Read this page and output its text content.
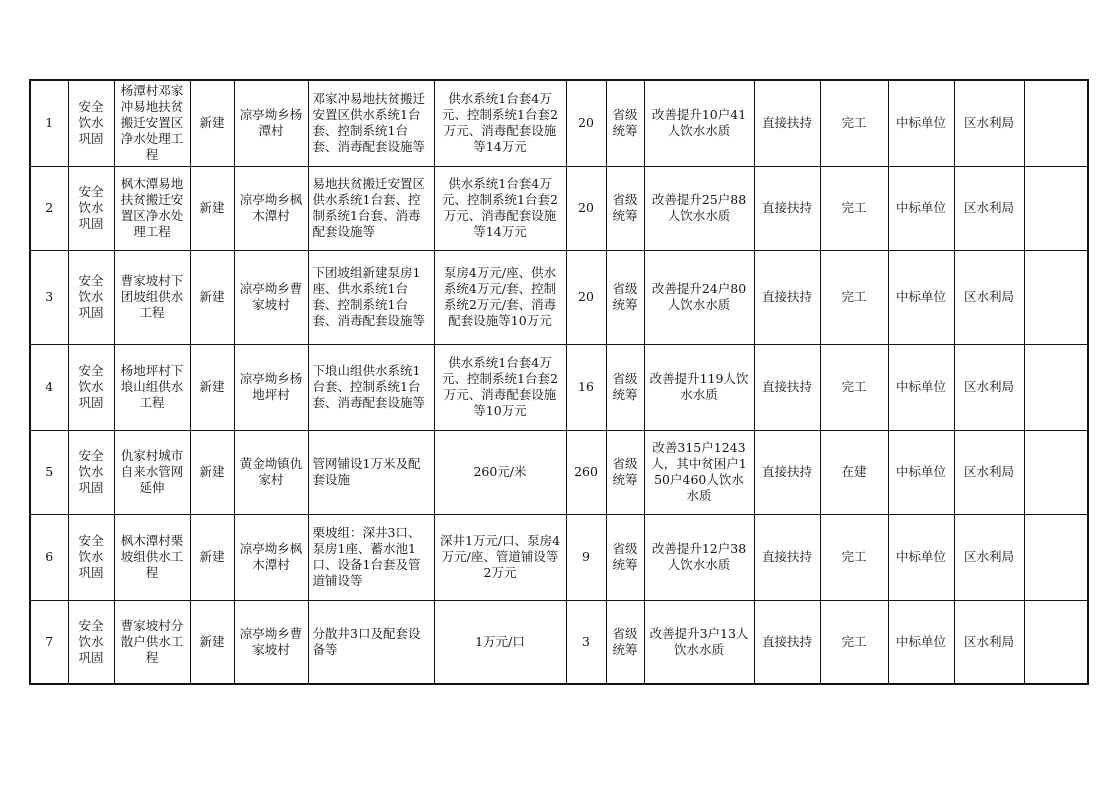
1	安全饮水巩固	杨潭村邓家冲易地扶贫搬迁安置区净水处理工程	新建	凉亭坳乡杨潭村	邓家冲易地扶贫搬迁安置区供水系统1台套、控制系统1台套、消毒配套设施等	供水系统1台套4万元、控制系统1台套2万元、消毒配套设施等14万元	20	省级统筹	改善提升10户41人饮水水质	直接扶持	完工	中标单位	区水利局	
2	安全饮水巩固	枫木潭易地扶贫搬迁安置区净水处理工程	新建	凉亭坳乡枫木潭村	易地扶贫搬迁安置区供水系统1台套、控制系统1台套、消毒配套设施等	供水系统1台套4万元、控制系统1台套2万元、消毒配套设施等14万元	20	省级统筹	改善提升25户88人饮水水质	直接扶持	完工	中标单位	区水利局	
3	安全饮水巩固	曹家坡村下团坡组供水工程	新建	凉亭坳乡曹家坡村	下团坡组新建泵房1座、供水系统1台套、控制系统1台套、消毒配套设施等	泵房4万元/座、供水系统4万元/套、控制系统2万元/套、消毒配套设施等10万元	20	省级统筹	改善提升24户80人饮水水质	直接扶持	完工	中标单位	区水利局	
4	安全饮水巩固	杨地坪村下埌山组供水工程	新建	凉亭坳乡杨地坪村	下埌山组供水系统1台套、控制系统1台套、消毒配套设施等	供水系统1台套4万元、控制系统1台套2万元、消毒配套设施等10万元	16	省级统筹	改善提升119人饮水水质	直接扶持	完工	中标单位	区水利局	
5	安全饮水巩固	仇家村城市自来水管网延伸	新建	黄金坳镇仇家村	管网铺设1万米及配套设施	260元/米	260	省级统筹	改善315户1243人，其中贫困户150户460人饮水水质	直接扶持	在建	中标单位	区水利局	
6	安全饮水巩固	枫木潭村栗坡组供水工程	新建	凉亭坳乡枫木潭村	栗坡组：深井3口、泵房1座、蓄水池1口、设备1台套及管道铺设等	深井1万元/口、泵房4万元/座、管道铺设等2万元	9	省级统筹	改善提升12户38人饮水水质	直接扶持	完工	中标单位	区水利局	
7	安全饮水巩固	曹家坡村分散户供水工程	新建	凉亭坳乡曹家坡村	分散井3口及配套设备等	1万元/口	3	省级统筹	改善提升3户13人饮水水质	直接扶持	完工	中标单位	区水利局	
